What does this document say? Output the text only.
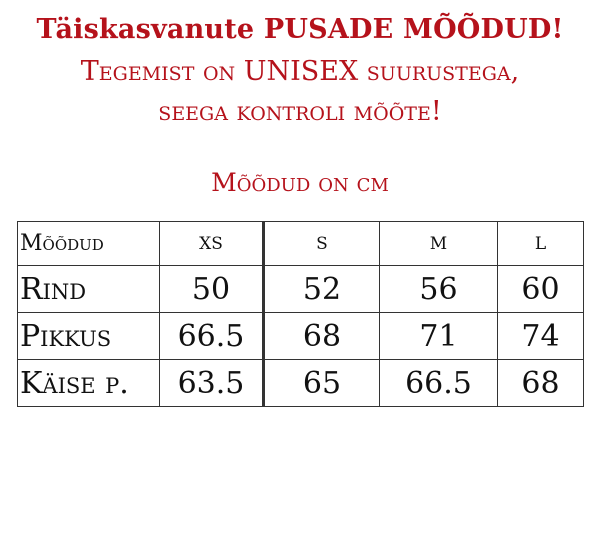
Täiskasvanute PUSADE MÕÕDUD!
Tegemist on UNISEX suurustega,
seega kontroli mõõte!
Mõõdud on cm
Mõõdud	XS	S	M	L
Rind	50	52	56	60
Pikkus	66.5	68	71	74
Käise p.	63.5	65	66.5	68
